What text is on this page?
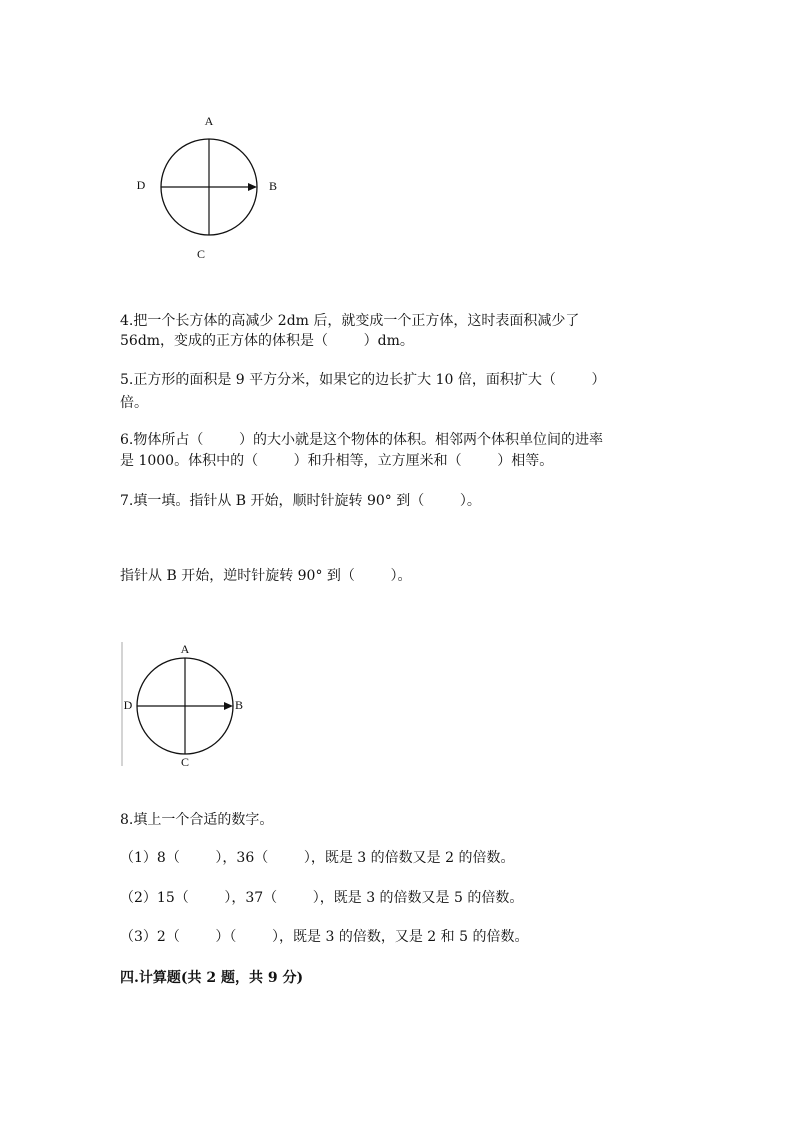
A
B
C
D
4.把一个长方体的高减少 2dm 后，就变成一个正方体，这时表面积减少了
56dm，变成的正方体的体积是（        ）dm。
5.正方形的面积是 9 平方分米，如果它的边长扩大 10 倍，面积扩大（        ）
倍。
6.物体所占（        ）的大小就是这个物体的体积。相邻两个体积单位间的进率
是 1000。体积中的（        ）和升相等，立方厘米和（        ）相等。
7.填一填。指针从 B 开始，顺时针旋转 90° 到（        ）。
指针从 B 开始，逆时针旋转 90° 到（        ）。
A
B
C
D
8.填上一个合适的数字。
（1）8（        ），36（        ），既是 3 的倍数又是 2 的倍数。
（2）15（        ），37（        ），既是 3 的倍数又是 5 的倍数。
（3）2（        ）（        ），既是 3 的倍数，又是 2 和 5 的倍数。
四.计算题(共 2 题，共 9 分)
